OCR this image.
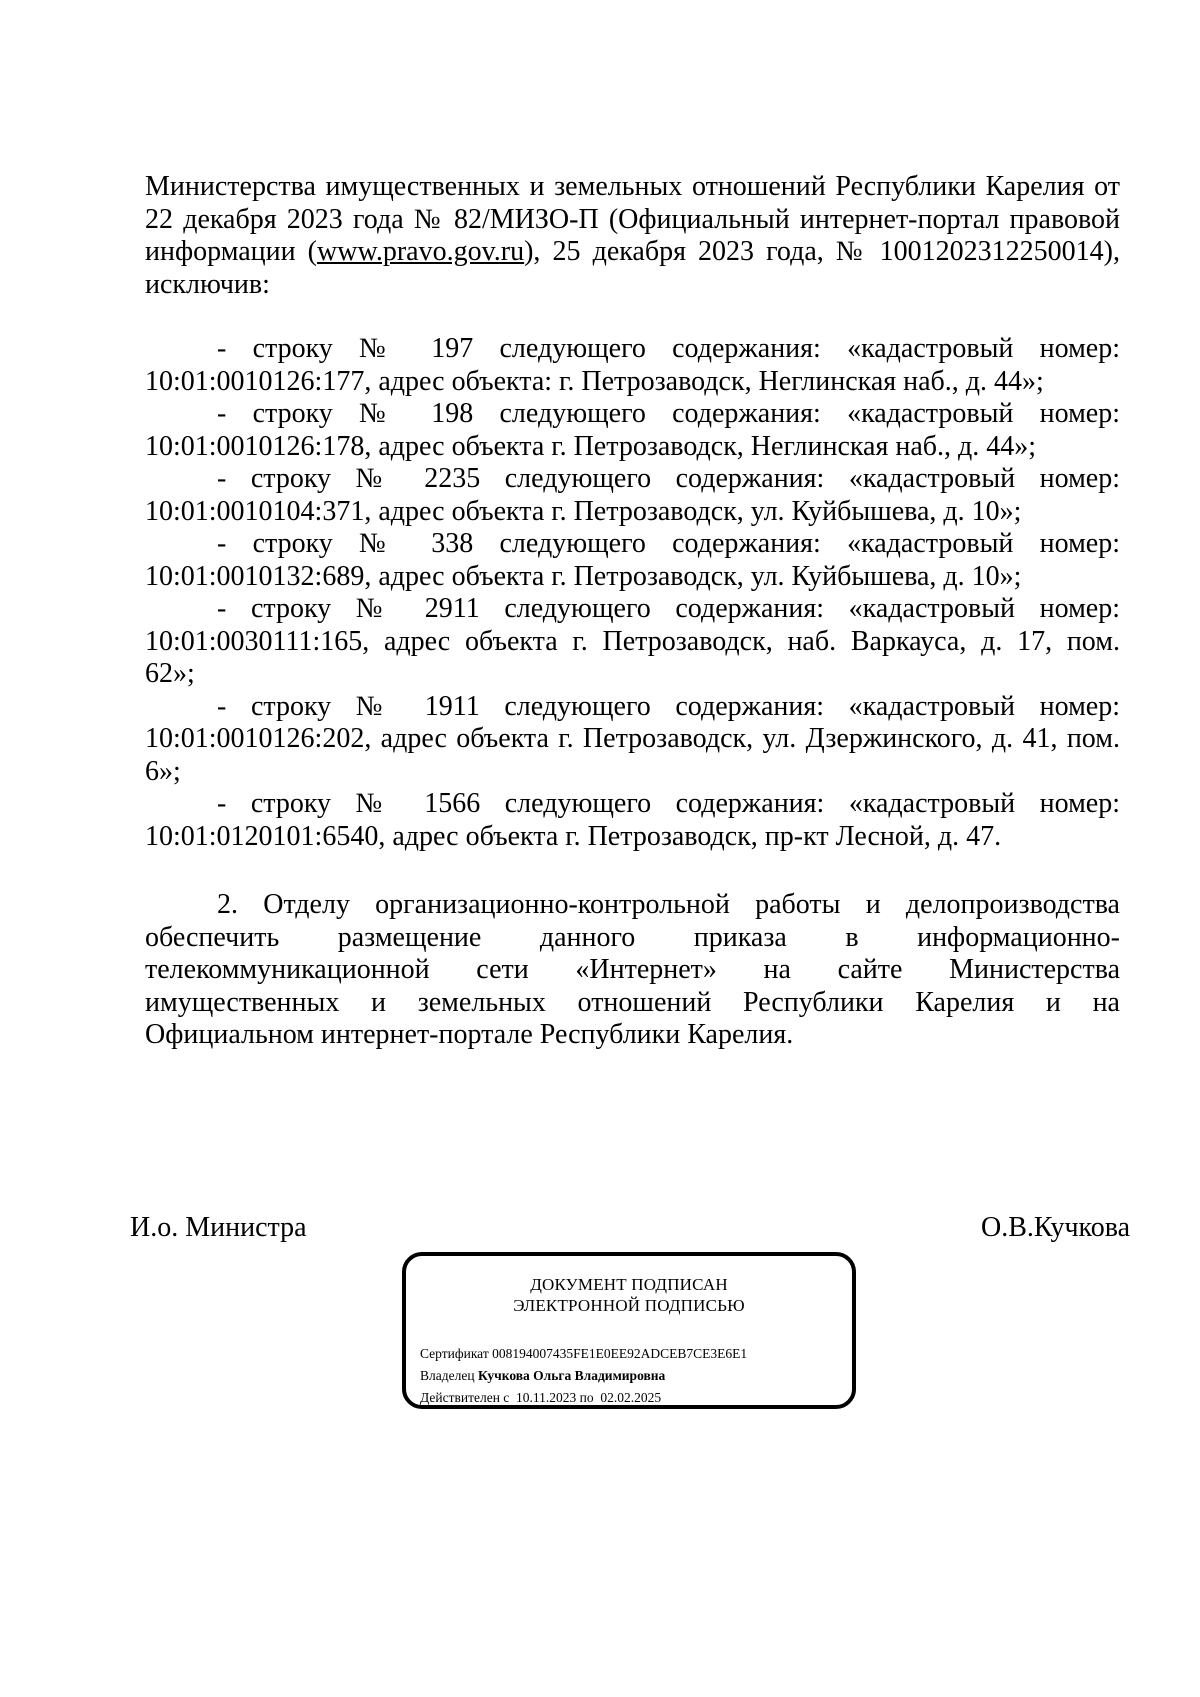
Министерства имущественных и земельных отношений Республики Карелия от
22 декабря 2023 года № 82/МИЗО-П (Официальный интернет-портал правовой
информации (www.pravo.gov.ru), 25 декабря 2023 года, № 1001202312250014),
исключив:
- строку № 197 следующего содержания: «кадастровый номер:
10:01:0010126:177, адрес объекта: г. Петрозаводск, Неглинская наб., д. 44»;
- строку № 198 следующего содержания: «кадастровый номер:
10:01:0010126:178, адрес объекта г. Петрозаводск, Неглинская наб., д. 44»;
- строку № 2235 следующего содержания: «кадастровый номер:
10:01:0010104:371, адрес объекта г. Петрозаводск, ул. Куйбышева, д. 10»;
- строку № 338 следующего содержания: «кадастровый номер:
10:01:0010132:689, адрес объекта г. Петрозаводск, ул. Куйбышева, д. 10»;
- строку № 2911 следующего содержания: «кадастровый номер:
10:01:0030111:165, адрес объекта г. Петрозаводск, наб. Варкауса, д. 17, пом.
62»;
- строку № 1911 следующего содержания: «кадастровый номер:
10:01:0010126:202, адрес объекта г. Петрозаводск, ул. Дзержинского, д. 41, пом.
6»;
- строку № 1566 следующего содержания: «кадастровый номер:
10:01:0120101:6540, адрес объекта г. Петрозаводск, пр-кт Лесной, д. 47.
2. Отделу организационно-контрольной работы и делопроизводства
обеспечить размещение данного приказа в информационно-
телекоммуникационной сети «Интернет» на сайте Министерства
имущественных и земельных отношений Республики Карелия и на
Официальном интернет-портале Республики Карелия.
И.о. Министра	О.В.Кучкова
ДОКУМЕНТ ПОДПИСАН
ЭЛЕКТРОННОЙ ПОДПИСЬЮ
Сертификат 008194007435FE1E0EE92ADCEB7CE3E6E1
Владелец Кучкова Ольга Владимировна
Действителен с 10.11.2023 по 02.02.2025
